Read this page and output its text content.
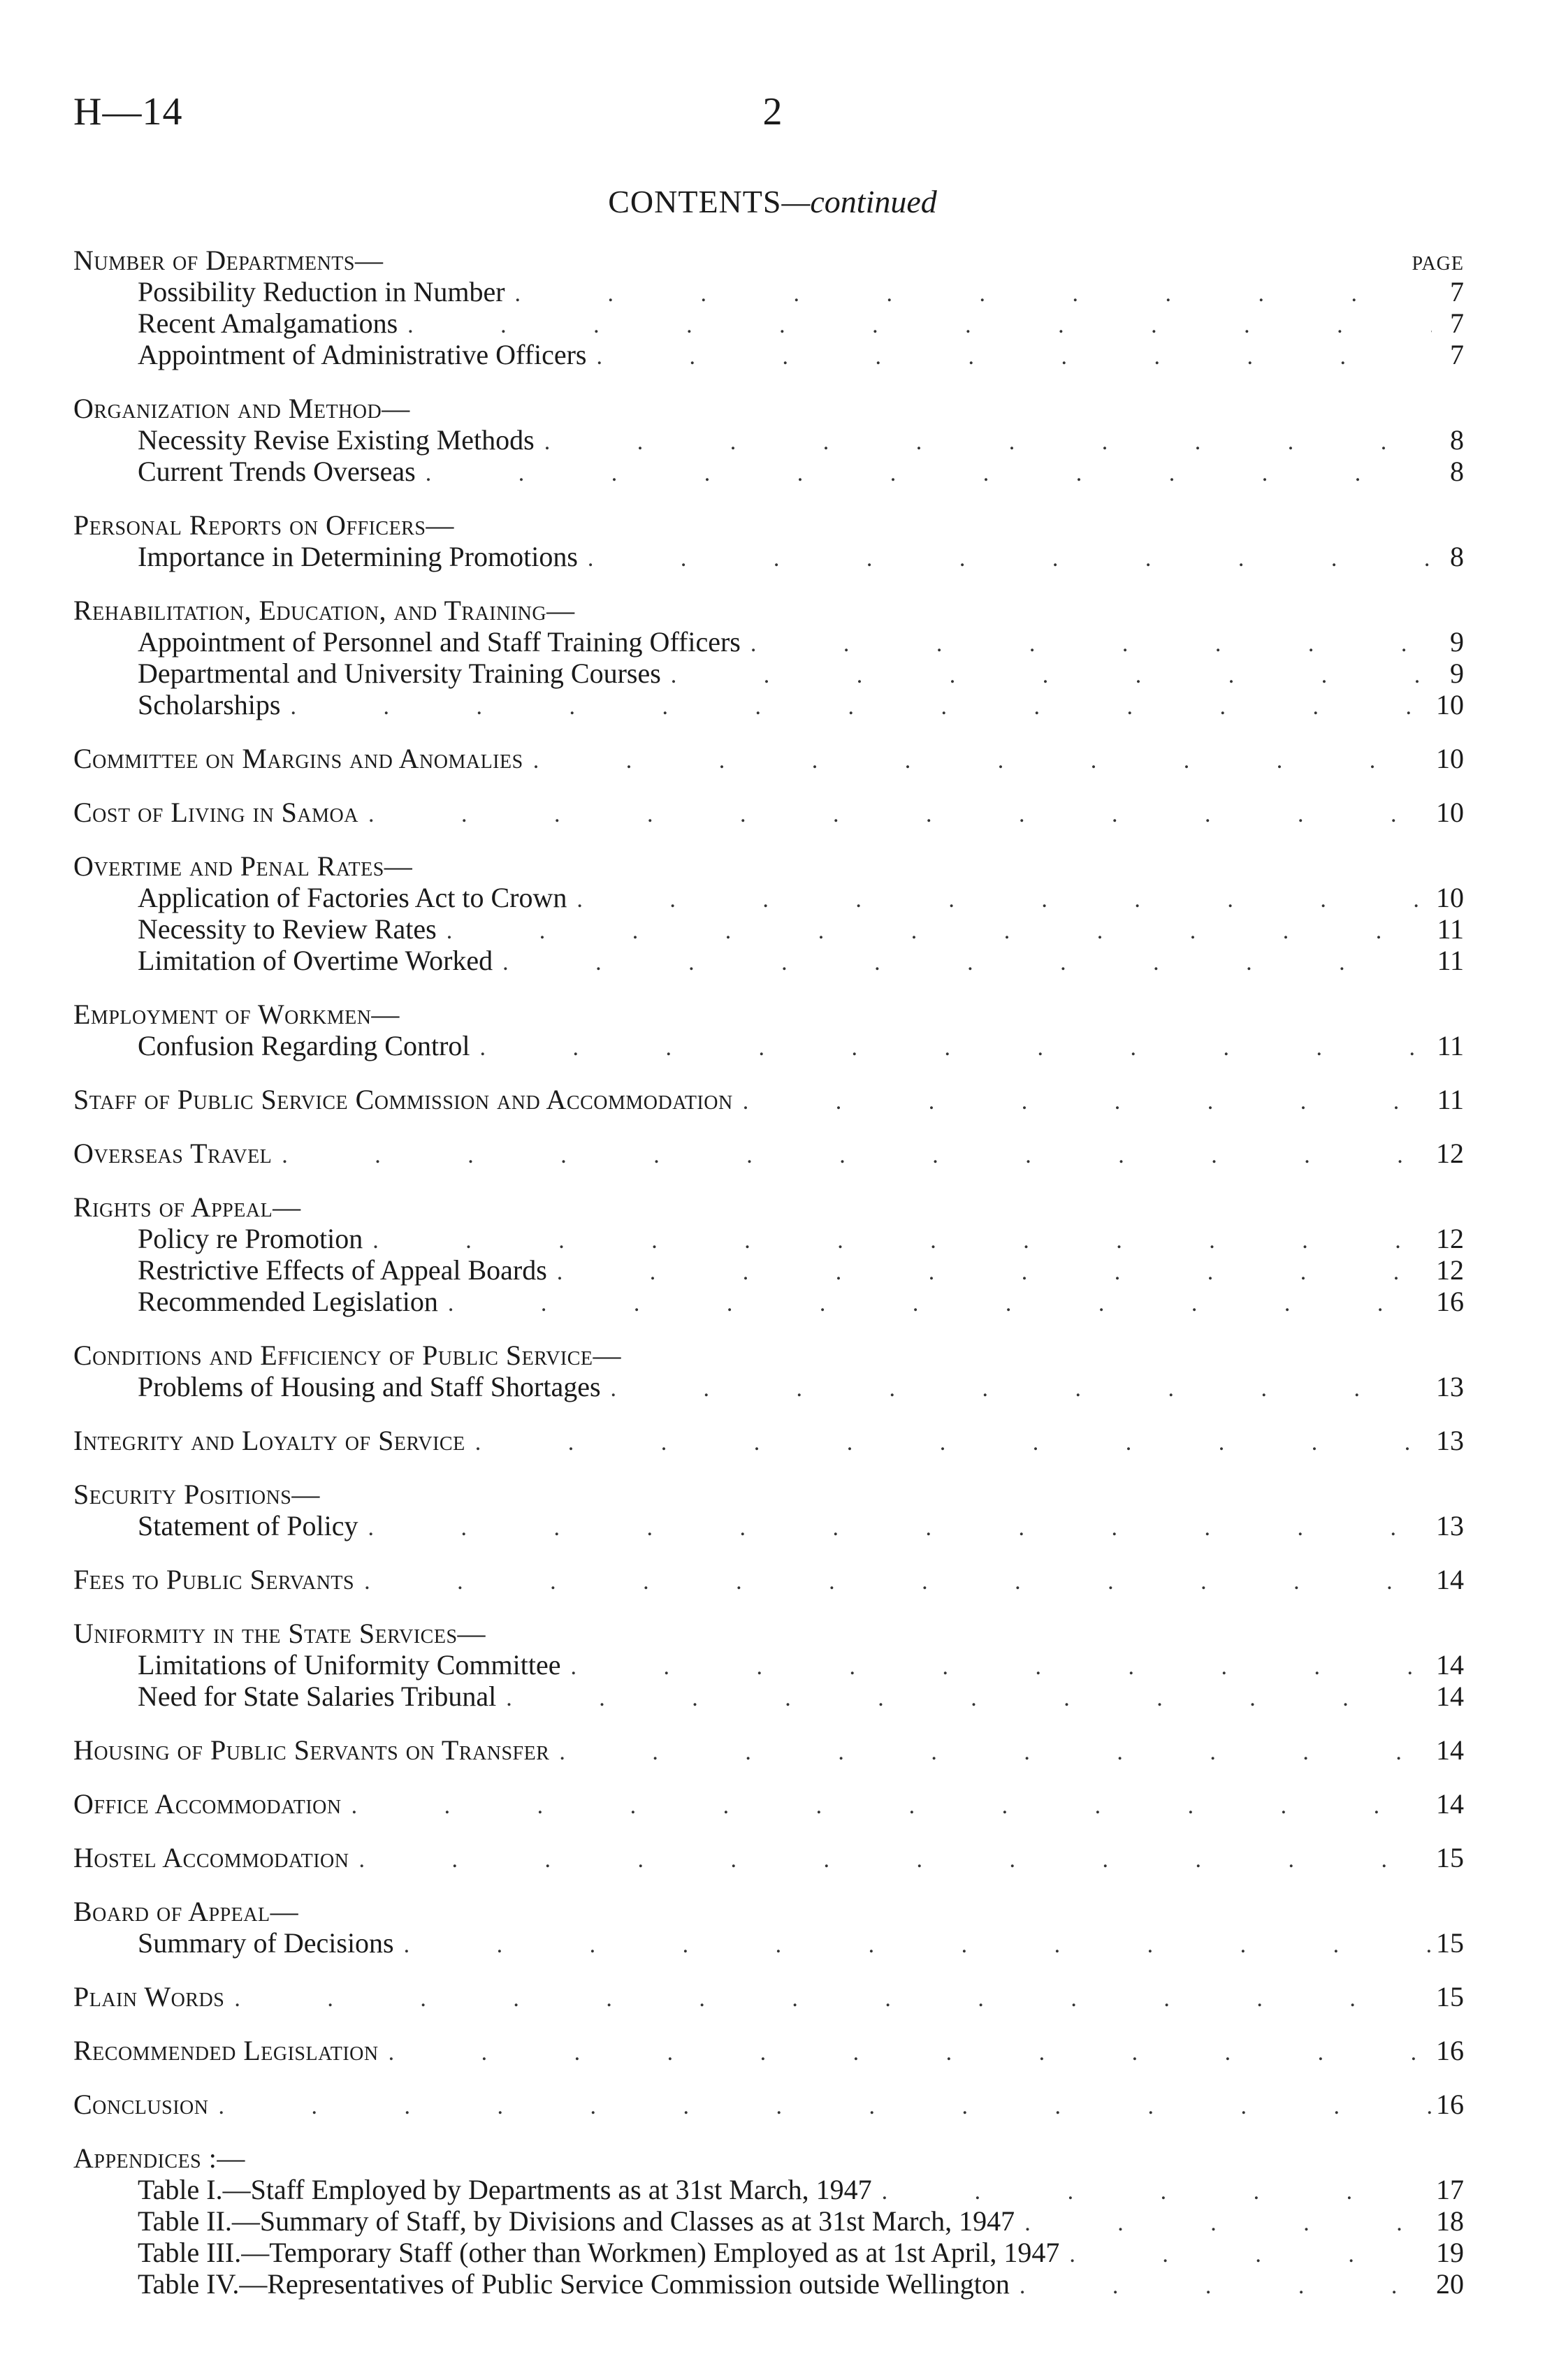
H—14	2
CONTENTS—continued
PAGE
Number of Departments—
Possibility Reduction in Number . . .	7
Recent Amalgamations . . .	7
Appointment of Administrative Officers . . .	7
Organization and Method—
Necessity Revise Existing Methods . . .	8
Current Trends Overseas . . .	8
Personal Reports on Officers—
Importance in Determining Promotions . . .	8
Rehabilitation, Education, and Training—
Appointment of Personnel and Staff Training Officers . . .	9
Departmental and University Training Courses . . .	9
Scholarships . . .	10
Committee on Margins and Anomalies . . .	10
Cost of Living in Samoa . . .	10
Overtime and Penal Rates—
Application of Factories Act to Crown . . .	10
Necessity to Review Rates . . .	11
Limitation of Overtime Worked . . .	11
Employment of Workmen—
Confusion Regarding Control . . .	11
Staff of Public Service Commission and Accommodation . . .	11
Overseas Travel . . .	12
Rights of Appeal—
Policy re Promotion . . .	12
Restrictive Effects of Appeal Boards . . .	12
Recommended Legislation . . .	16
Conditions and Efficiency of Public Service—
Problems of Housing and Staff Shortages . . .	13
Integrity and Loyalty of Service . . .	13
Security Positions—
Statement of Policy . . .	13
Fees to Public Servants . . .	14
Uniformity in the State Services—
Limitations of Uniformity Committee . . .	14
Need for State Salaries Tribunal . . .	14
Housing of Public Servants on Transfer . . .	14
Office Accommodation . . .	14
Hostel Accommodation . . .	15
Board of Appeal—
Summary of Decisions . . .	15
Plain Words . . .	15
Recommended Legislation . . .	16
Conclusion . . .	16
Appendices :—
Table I.—Staff Employed by Departments as at 31st March, 1947 . . .	17
Table II.—Summary of Staff, by Divisions and Classes as at 31st March, 1947 . . .	18
Table III.—Temporary Staff (other than Workmen) Employed as at 1st April, 1947 . . .	19
Table IV.—Representatives of Public Service Commission outside Wellington . . .	20
